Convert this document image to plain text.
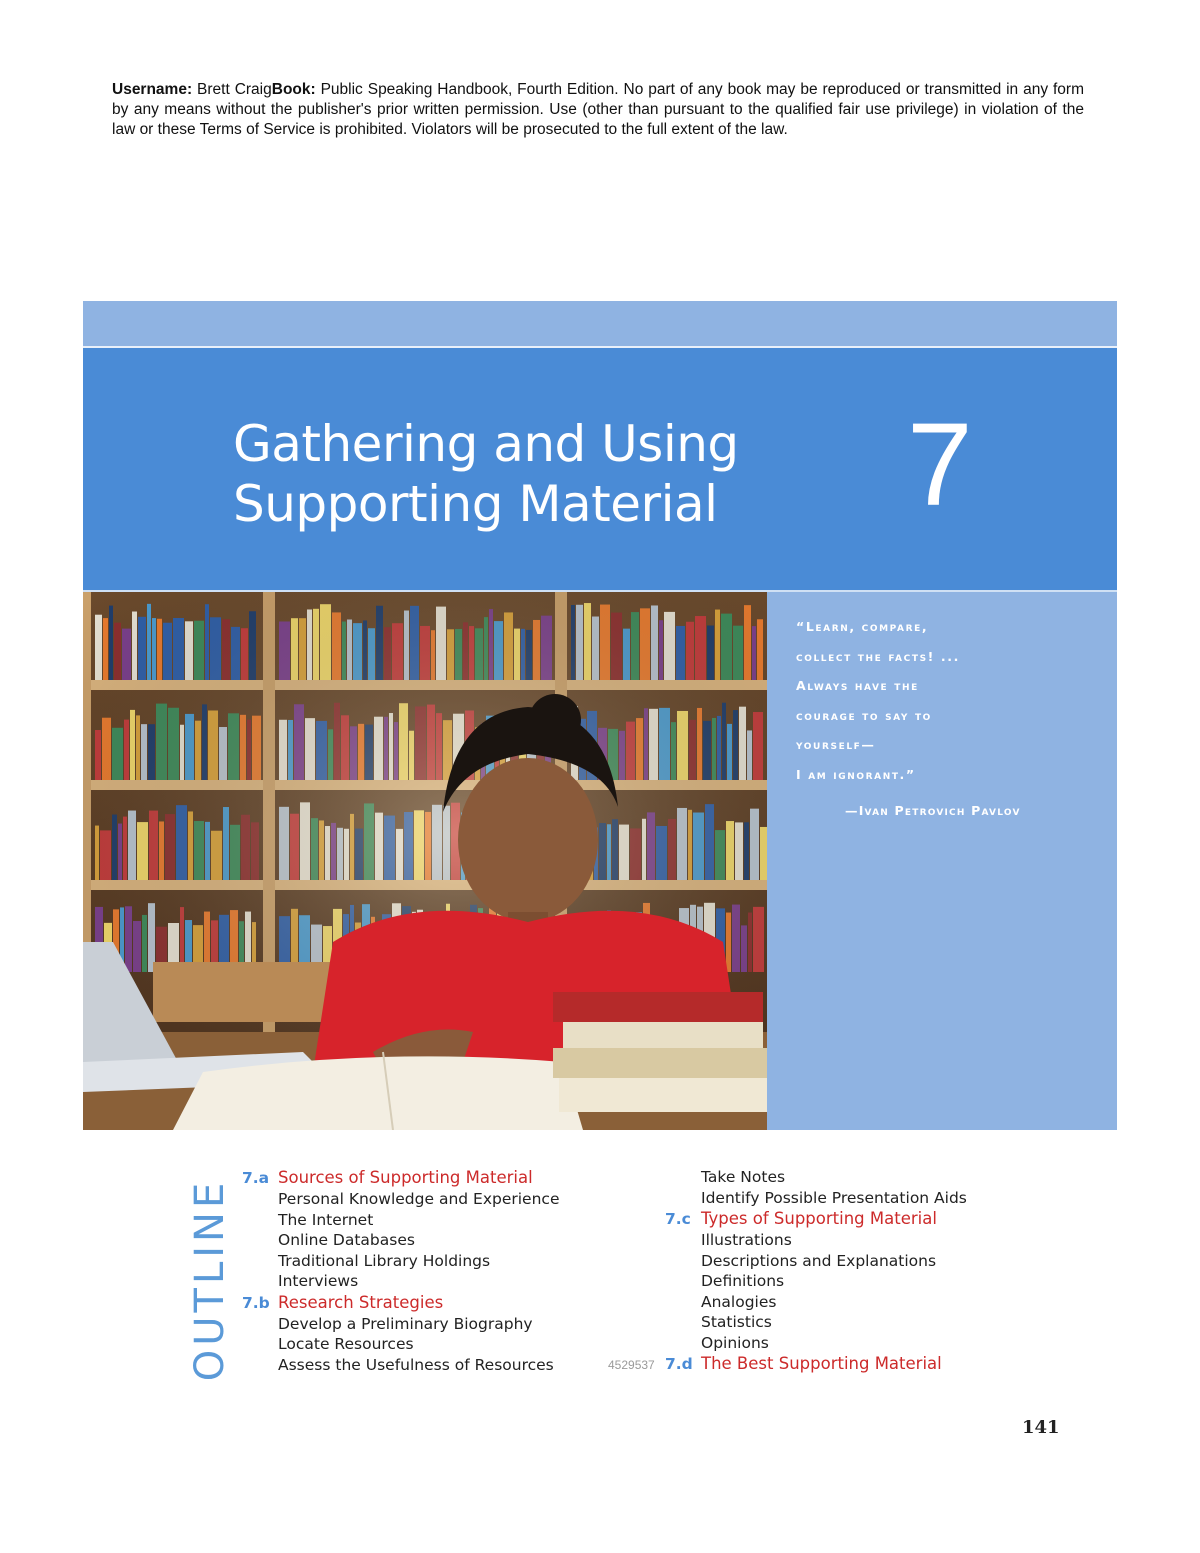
Username: Brett CraigBook: Public Speaking Handbook, Fourth Edition. No part of any book may be reproduced or transmitted in any form by any means without the publisher's prior written permission. Use (other than pursuant to the qualified fair use privilege) in violation of the law or these Terms of Service is prohibited. Violators will be prosecuted to the full extent of the law.
Gathering and Using
Supporting Material 7
“Learn, compare,
collect the facts! ...
Always have the
courage to say to
yourself—
I am ignorant.”
—Ivan Petrovich Pavlov
OUTLINE
7.a Sources of Supporting Material
Personal Knowledge and Experience
The Internet
Online Databases
Traditional Library Holdings
Interviews
7.b Research Strategies
Develop a Preliminary Biography
Locate Resources
Assess the Usefulness of Resources
Take Notes
Identify Possible Presentation Aids
7.c Types of Supporting Material
Illustrations
Descriptions and Explanations
Definitions
Analogies
Statistics
Opinions
7.d The Best Supporting Material
4529537
141
